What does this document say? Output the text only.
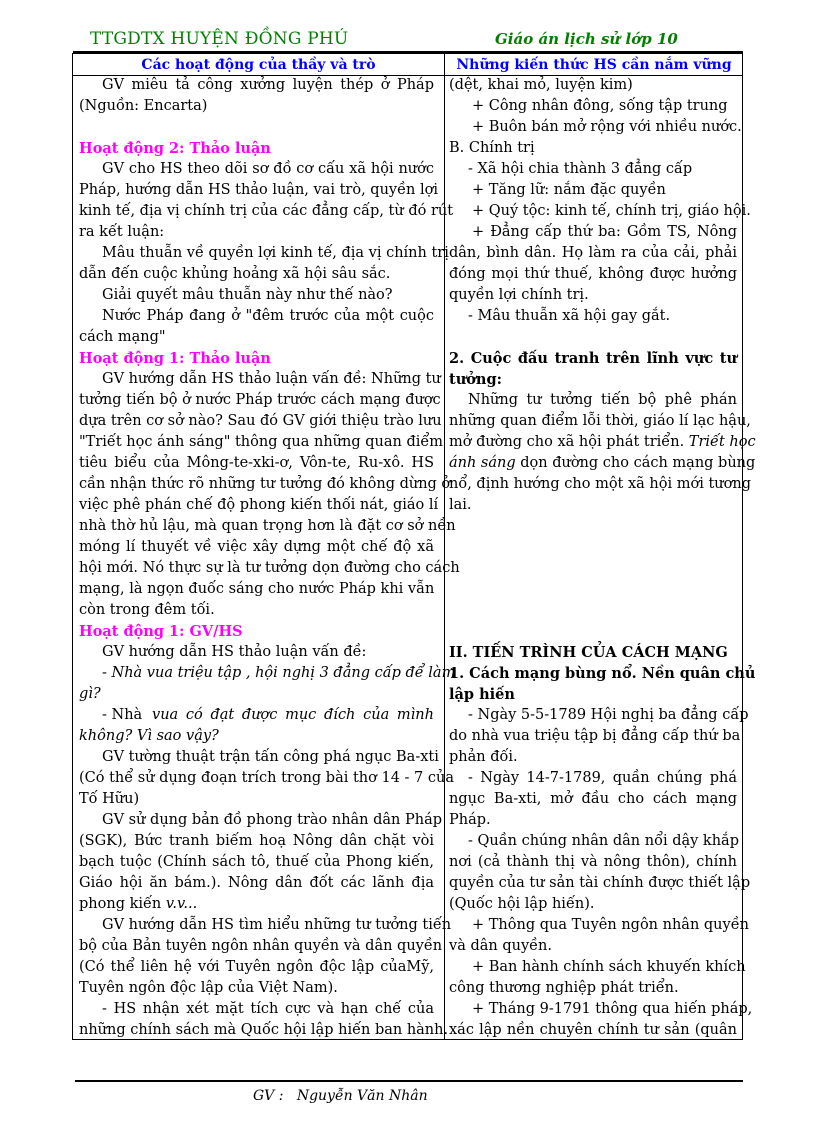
TTGDTX HUYỆN ĐỒNG PHÚ	Giáo án lịch sử lớp 10
Các hoạt động của thầy và trò	Những kiến thức HS cần nắm vững
GV miêu tả công xưởng luyện thép ở Pháp
(Nguồn: Encarta)
Hoạt động 2: Thảo luận
GV cho HS theo dõi sơ đồ cơ cấu xã hội nước
Pháp, hướng dẫn HS thảo luận, vai trò, quyền lợi
kinh tế, địa vị chính trị của các đẳng cấp, từ đó rút
ra kết luận:
Mâu thuẫn về quyền lợi kinh tế, địa vị chính trị
dẫn đến cuộc khủng hoảng xã hội sâu sắc.
Giải quyết mâu thuẫn này như thế nào?
Nước Pháp đang ở "đêm trước của một cuộc
cách mạng"
Hoạt động 1: Thảo luận
GV hướng dẫn HS thảo luận vấn đề: Những tư
tưởng tiến bộ ở nước Pháp trước cách mạng được
dựa trên cơ sở nào? Sau đó GV giới thiệu trào lưu
"Triết học ánh sáng" thông qua những quan điểm
tiêu biểu của Mông-te-xki-ơ, Vôn-te, Ru-xô. HS
cần nhận thức rõ những tư tưởng đó không dừng ở
việc phê phán chế độ phong kiến thối nát, giáo lí
nhà thờ hủ lậu, mà quan trọng hơn là đặt cơ sở nền
móng lí thuyết về việc xây dựng một chế độ xã
hội mới. Nó thực sự là tư tưởng dọn đường cho cách
mạng, là ngọn đuốc sáng cho nước Pháp khi vẫn
còn trong đêm tối.
Hoạt động 1: GV/HS
GV hướng dẫn HS thảo luận vấn đề:
- Nhà vua triệu tập , hội nghị 3 đẳng cấp để làm
gì?
- Nhà vua có đạt được mục đích của mình
không? Vì sao vậy?
GV tường thuật trận tấn công phá ngục Ba-xti
(Có thể sử dụng đoạn trích trong bài thơ 14 - 7 của
Tố Hữu)
GV sử dụng bản đồ phong trào nhân dân Pháp
(SGK), Bức tranh biếm hoạ Nông dân chặt vòi
bạch tuộc (Chính sách tô, thuế của Phong kiến,
Giáo hội ăn bám.). Nông dân đốt các lãnh địa
phong kiến v.v...
GV hướng dẫn HS tìm hiểu những tư tưởng tiến
bộ của Bản tuyên ngôn nhân quyền và dân quyền
(Có thể liên hệ với Tuyên ngôn độc lập củaMỹ,
Tuyên ngôn độc lập của Việt Nam).
- HS nhận xét mặt tích cực và hạn chế của
những chính sách mà Quốc hội lập hiến ban hành.
(dệt, khai mỏ, luyện kim)
+ Công nhân đông, sống tập trung
+ Buôn bán mở rộng với nhiều nước.
B. Chính trị
- Xã hội chia thành 3 đẳng cấp
+ Tăng lữ: nắm đặc quyền
+ Quý tộc: kinh tế, chính trị, giáo hội.
+ Đẳng cấp thứ ba: Gồm TS, Nông
dân, bình dân. Họ làm ra của cải, phải
đóng mọi thứ thuế, không được hưởng
quyền lợi chính trị.
- Mâu thuẫn xã hội gay gắt.
2. Cuộc đấu tranh trên lĩnh vực tư
tưởng:
Những tư tưởng tiến bộ phê phán
những quan điểm lỗi thời, giáo lí lạc hậu,
mở đường cho xã hội phát triển. Triết học
ánh sáng dọn đường cho cách mạng bùng
nổ, định hướng cho một xã hội mới tương
lai.
II. TIẾN TRÌNH CỦA CÁCH MẠNG
1. Cách mạng bùng nổ. Nền quân chủ
lập hiến
- Ngày 5-5-1789 Hội nghị ba đẳng cấp
do nhà vua triệu tập bị đẳng cấp thứ ba
phản đối.
- Ngày 14-7-1789, quần chúng phá
ngục Ba-xti, mở đầu cho cách mạng
Pháp.
- Quần chúng nhân dân nổi dậy khắp
nơi (cả thành thị và nông thôn), chính
quyền của tư sản tài chính được thiết lập
(Quốc hội lập hiến).
+ Thông qua Tuyên ngôn nhân quyền
và dân quyền.
+ Ban hành chính sách khuyến khích
công thương nghiệp phát triển.
+ Tháng 9-1791 thông qua hiến pháp,
xác lập nền chuyên chính tư sản (quân
GV : Nguyễn Văn Nhân
